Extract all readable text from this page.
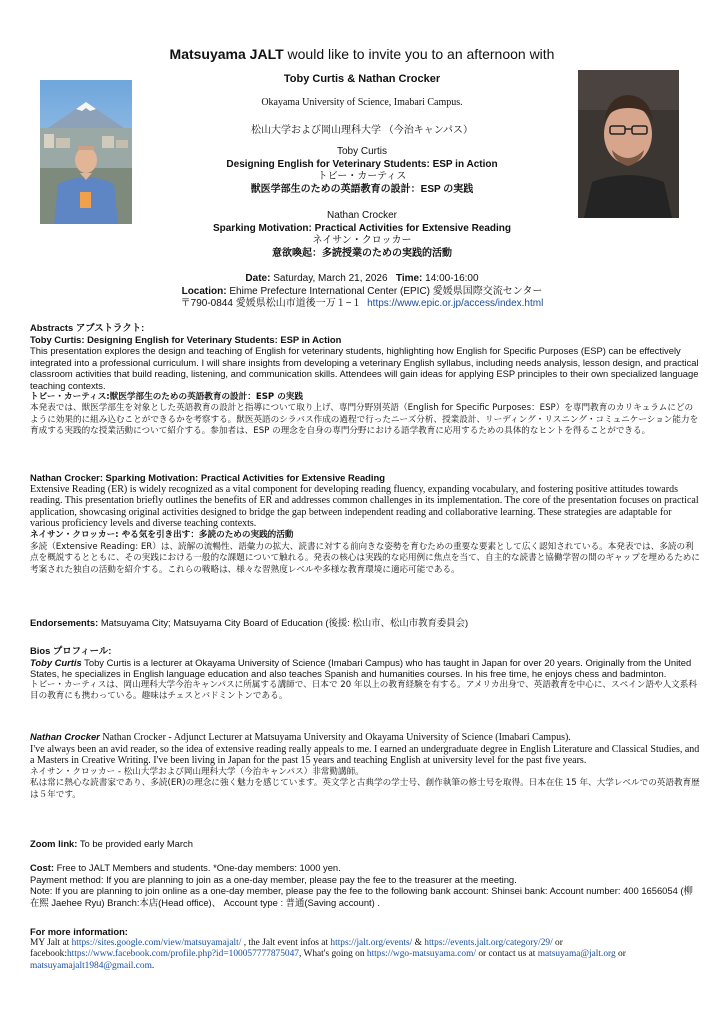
Matsuyama JALT would like to invite you to an afternoon with
Toby Curtis & Nathan Crocker
Okayama University of Science, Imabari Campus.
松山大学および岡山理科大学 （今治キャンパス）
Toby Curtis
Designing English for Veterinary Students: ESP in Action
トビー・カーティス
獣医学部生のための英語教育の設計：ESP の実践
Nathan Crocker
Sparking Motivation: Practical Activities for Extensive Reading
ネイサン・クロッカー
意欲喚起：多読授業のための実践的活動
Date: Saturday, March 21, 2026 Time: 14:00-16:00
Location: Ehime Prefecture International Center (EPIC) 愛媛県国際交流センター
〒790-0844 愛媛県松山市道後一万１−１ https://www.epic.or.jp/access/index.html

Abstracts アブストラクト:

Toby Curtis: Designing English for Veterinary Students: ESP in Action

This presentation explores the design and teaching of English for veterinary students, highlighting how English for Specific Purposes (ESP) can be effectively integrated into a professional curriculum. I will share insights from developing a veterinary English syllabus, including needs analysis, lesson design, and practical classroom activities that build reading, listening, and communication skills. Attendees will gain ideas for applying ESP principles to their own specialized language teaching contexts.

トビー・カーティス:獣医学部生のための英語教育の設計：ESP の実践

本発表では、獣医学部生を対象とした英語教育の設計と指導について取り上げ、専門分野別英語（English for Specific Purposes：ESP）を専門教育のカリキュラムにどのように効果的に組み込むことができるかを考察する。獣医英語のシラバス作成の過程で行ったニーズ分析、授業設計、リーディング・リスニング・コミュニケーション能力を育成する実践的な授業活動について紹介する。参加者は、ESP の理念を自身の専門分野における語学教育に応用するための具体的なヒントを得ることができる。

Nathan Crocker: Sparking Motivation: Practical Activities for Extensive Reading

Extensive Reading (ER) is widely recognized as a vital component for developing reading fluency, expanding vocabulary, and fostering positive attitudes towards reading. This presentation briefly outlines the benefits of ER and addresses common challenges in its implementation. The core of the presentation focuses on practical application, showcasing original activities designed to bridge the gap between independent reading and collaborative learning. These strategies are adaptable for various proficiency levels and diverse teaching contexts.

ネイサン・クロッカー: やる気を引き出す：多読のための実践的活動

多読（Extensive Reading: ER）は、読解の流暢性、語彙力の拡大、読書に対する前向きな姿勢を育むための重要な要素として広く認知されている。本発表では、多読の利点を概説するとともに、その実践における一般的な課題について触れる。発表の核心は実践的な応用例に焦点を当て、自主的な読書と協働学習の間のギャップを埋めるために考案された独自の活動を紹介する。これらの戦略は、様々な習熟度レベルや多様な教育環境に適応可能である。

Endorsements: Matsuyama City; Matsuyama City Board of Education (後援: 松山市、松山市教育委員会)

Bios プロフィール:

Toby Curtis Toby Curtis is a lecturer at Okayama University of Science (Imabari Campus) who has taught in Japan for over 20 years. Originally from the United States, he specializes in English language education and also teaches Spanish and humanities courses. In his free time, he enjoys chess and badminton.

トビー・カーティスは、岡山理科大学今治キャンパスに所属する講師で、日本で 20 年以上の教育経験を有する。アメリカ出身で、英語教育を中心に、スペイン語や人文系科目の教育にも携わっている。趣味はチェスとバドミントンである。

Nathan Crocker Nathan Crocker - Adjunct Lecturer at Matsuyama University and Okayama University of Science (Imabari Campus).

I've always been an avid reader, so the idea of extensive reading really appeals to me. I earned an undergraduate degree in English Literature and Classical Studies, and a Masters in Creative Writing. I've been living in Japan for the past 15 years and teaching English at university level for the past five years.

ネイサン・クロッカー - 松山大学および岡山理科大学（今治キャンパス）非常勤講師。

私は常に熱心な読書家であり、多読(ER)の理念に強く魅力を感じています。英文学と古典学の学士号、創作執筆の修士号を取得。日本在住 15 年、大学レベルでの英語教育歴は５年です。

Zoom link: To be provided early March

Cost: Free to JALT Members and students. *One-day members: 1000 yen.

Payment method: If you are planning to join as a one-day member, please pay the fee to the treasurer at the meeting.

Note: If you are planning to join online as a one-day member, please pay the fee to the following bank account: Shinsei bank: Account number: 400 1656054 (柳在熙 Jaehee Ryu) Branch:本店(Head office)、 Account type : 普通(Saving account) .

For more information:

MY Jalt at https://sites.google.com/view/matsuyamajalt/ , the Jalt event infos at https://jalt.org/events/ & https://events.jalt.org/category/29/ or facebook:https://www.facebook.com/profile.php?id=100057777875047, What's going on https://wgo-matsuyama.com/ or contact us at matsuyama@jalt.org or matsuyamajalt1984@gmail.com.
